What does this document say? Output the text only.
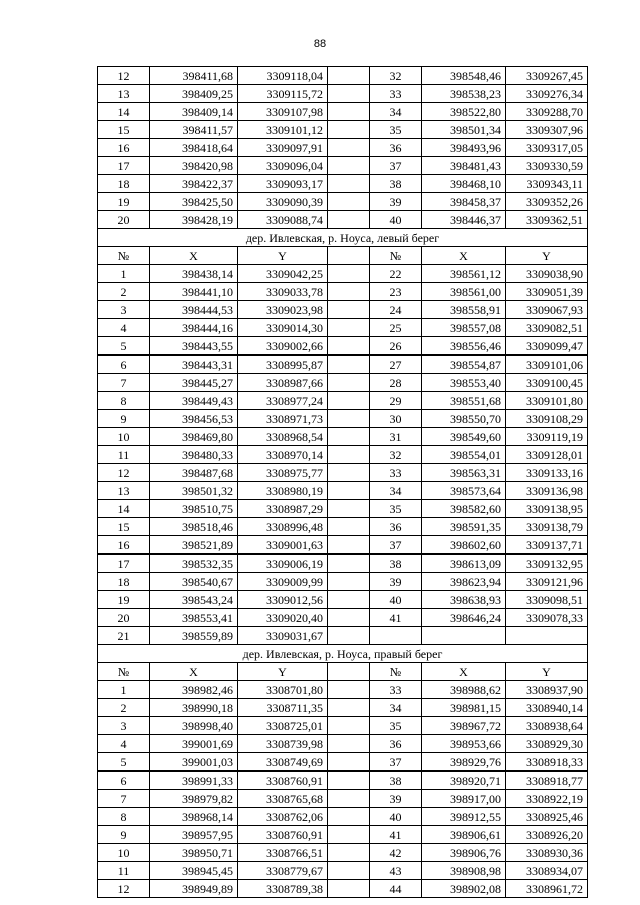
88
12	398411,68	3309118,04		32	398548,46	3309267,45
13	398409,25	3309115,72		33	398538,23	3309276,34
14	398409,14	3309107,98		34	398522,80	3309288,70
15	398411,57	3309101,12		35	398501,34	3309307,96
16	398418,64	3309097,91		36	398493,96	3309317,05
17	398420,98	3309096,04		37	398481,43	3309330,59
18	398422,37	3309093,17		38	398468,10	3309343,11
19	398425,50	3309090,39		39	398458,37	3309352,26
20	398428,19	3309088,74		40	398446,37	3309362,51
дер. Ивлевская, р. Ноуса, левый берег						
№	X	Y		№	X	Y
1	398438,14	3309042,25		22	398561,12	3309038,90
2	398441,10	3309033,78		23	398561,00	3309051,39
3	398444,53	3309023,98		24	398558,91	3309067,93
4	398444,16	3309014,30		25	398557,08	3309082,51
5	398443,55	3309002,66		26	398556,46	3309099,47
6	398443,31	3308995,87		27	398554,87	3309101,06
7	398445,27	3308987,66		28	398553,40	3309100,45
8	398449,43	3308977,24		29	398551,68	3309101,80
9	398456,53	3308971,73		30	398550,70	3309108,29
10	398469,80	3308968,54		31	398549,60	3309119,19
11	398480,33	3308970,14		32	398554,01	3309128,01
12	398487,68	3308975,77		33	398563,31	3309133,16
13	398501,32	3308980,19		34	398573,64	3309136,98
14	398510,75	3308987,29		35	398582,60	3309138,95
15	398518,46	3308996,48		36	398591,35	3309138,79
16	398521,89	3309001,63		37	398602,60	3309137,71
17	398532,35	3309006,19		38	398613,09	3309132,95
18	398540,67	3309009,99		39	398623,94	3309121,96
19	398543,24	3309012,56		40	398638,93	3309098,51
20	398553,41	3309020,40		41	398646,24	3309078,33
21	398559,89	3309031,67				
дер. Ивлевская, р. Ноуса, правый берег						
№	X	Y		№	X	Y
1	398982,46	3308701,80		33	398988,62	3308937,90
2	398990,18	3308711,35		34	398981,15	3308940,14
3	398998,40	3308725,01		35	398967,72	3308938,64
4	399001,69	3308739,98		36	398953,66	3308929,30
5	399001,03	3308749,69		37	398929,76	3308918,33
6	398991,33	3308760,91		38	398920,71	3308918,77
7	398979,82	3308765,68		39	398917,00	3308922,19
8	398968,14	3308762,06		40	398912,55	3308925,46
9	398957,95	3308760,91		41	398906,61	3308926,20
10	398950,71	3308766,51		42	398906,76	3308930,36
11	398945,45	3308779,67		43	398908,98	3308934,07
12	398949,89	3308789,38		44	398902,08	3308961,72
